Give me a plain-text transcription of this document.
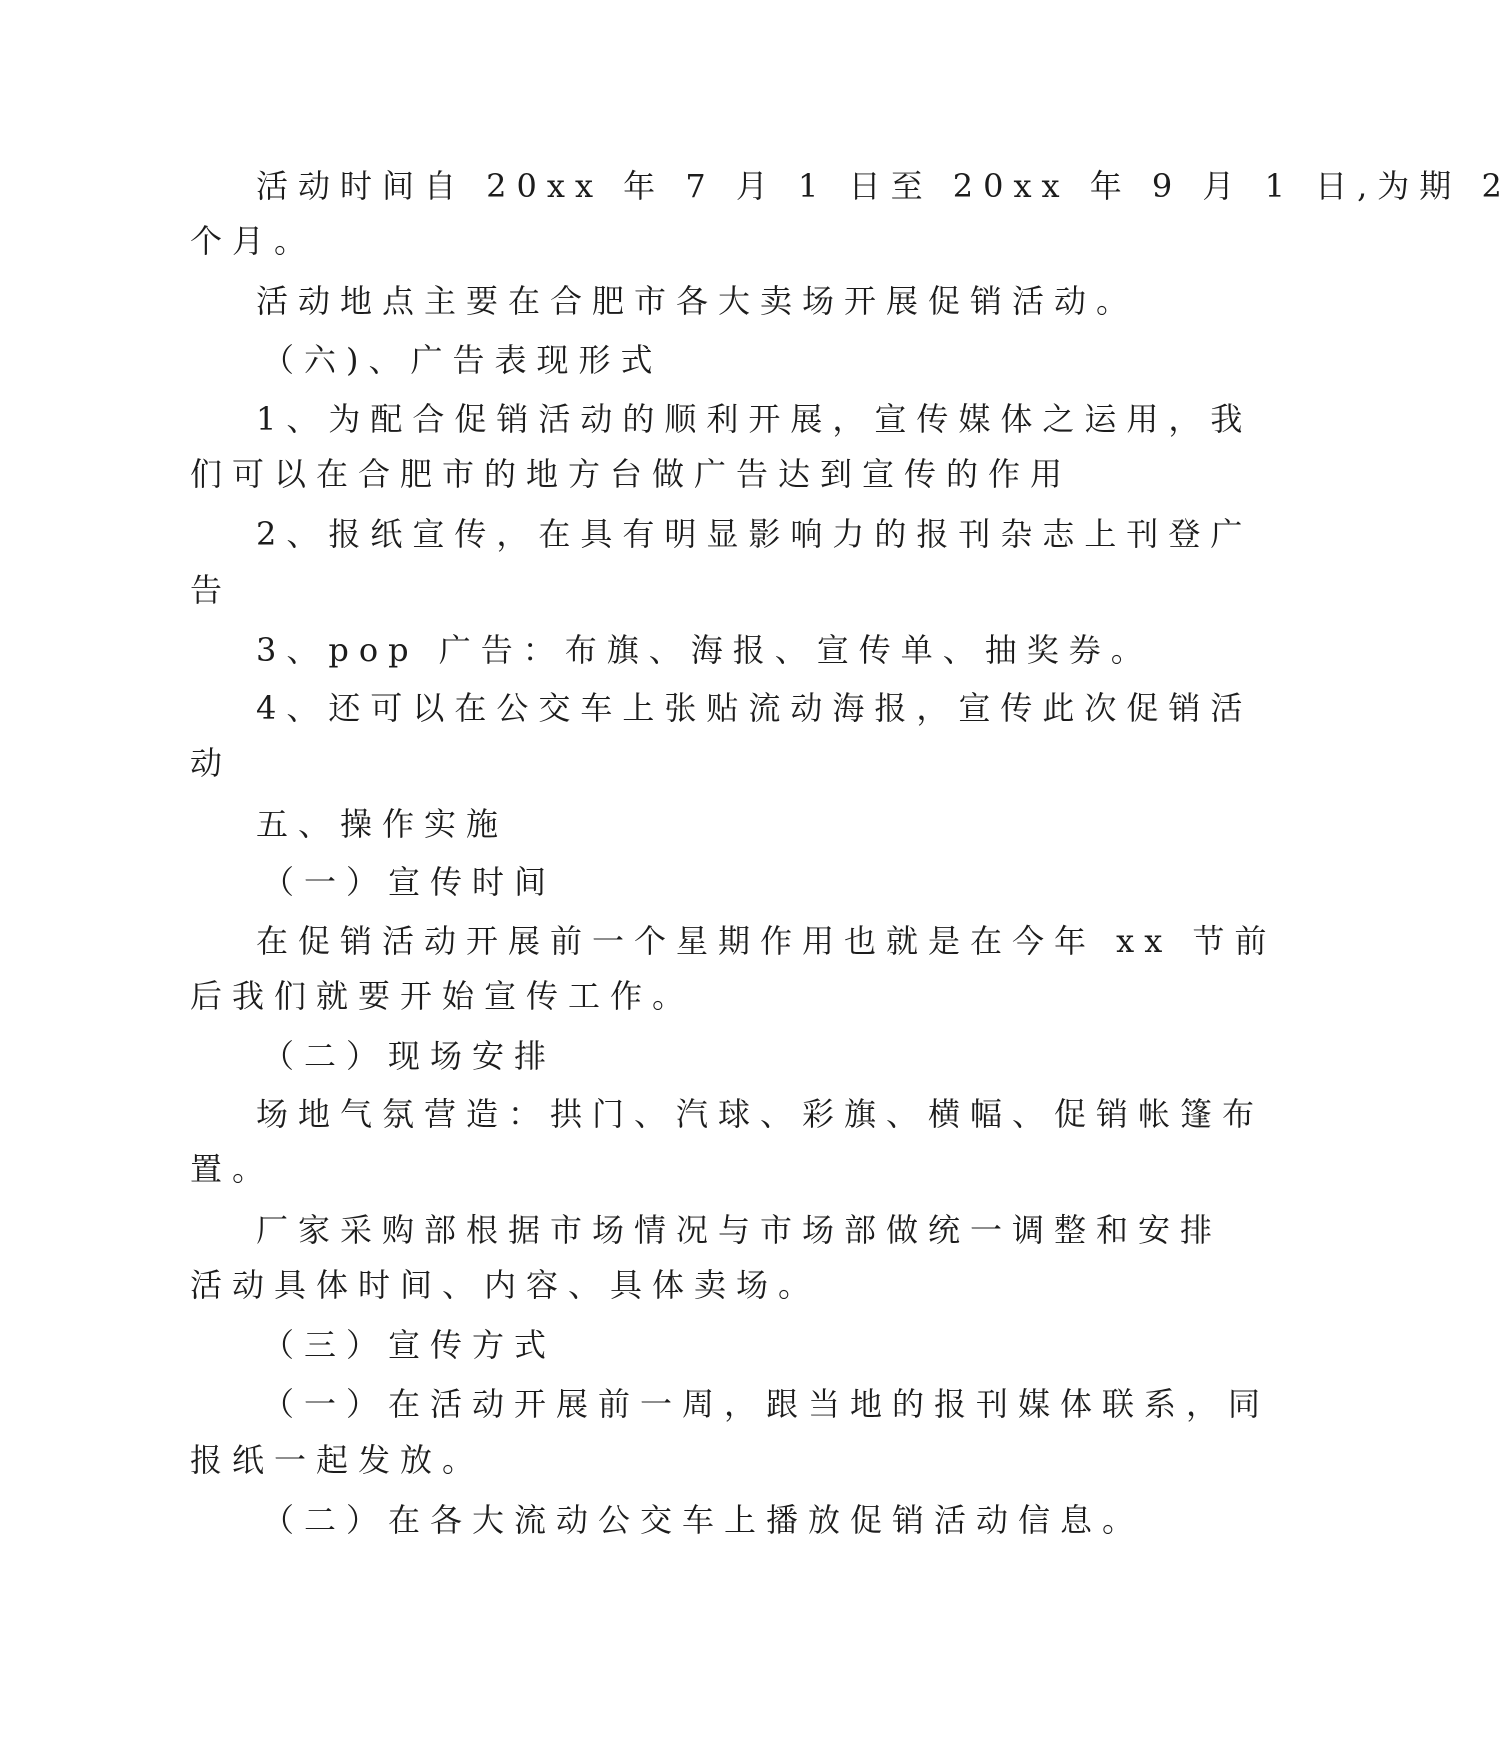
活动时间自 20xx 年 7 月 1 日至 20xx 年 9 月 1 日,为期 2
个月。
活动地点主要在合肥市各大卖场开展促销活动。
（六)、广告表现形式
1、为配合促销活动的顺利开展，宣传媒体之运用，我
们可以在合肥市的地方台做广告达到宣传的作用
2、报纸宣传，在具有明显影响力的报刊杂志上刊登广
告
3、pop 广告：布旗、海报、宣传单、抽奖券。
4、还可以在公交车上张贴流动海报，宣传此次促销活
动
五、操作实施
（一）宣传时间
在促销活动开展前一个星期作用也就是在今年 xx 节前
后我们就要开始宣传工作。
（二）现场安排
场地气氛营造：拱门、汽球、彩旗、横幅、促销帐篷布
置。
厂家采购部根据市场情况与市场部做统一调整和安排
活动具体时间、内容、具体卖场。
（三）宣传方式
（一）在活动开展前一周，跟当地的报刊媒体联系，同
报纸一起发放。
（二）在各大流动公交车上播放促销活动信息。
